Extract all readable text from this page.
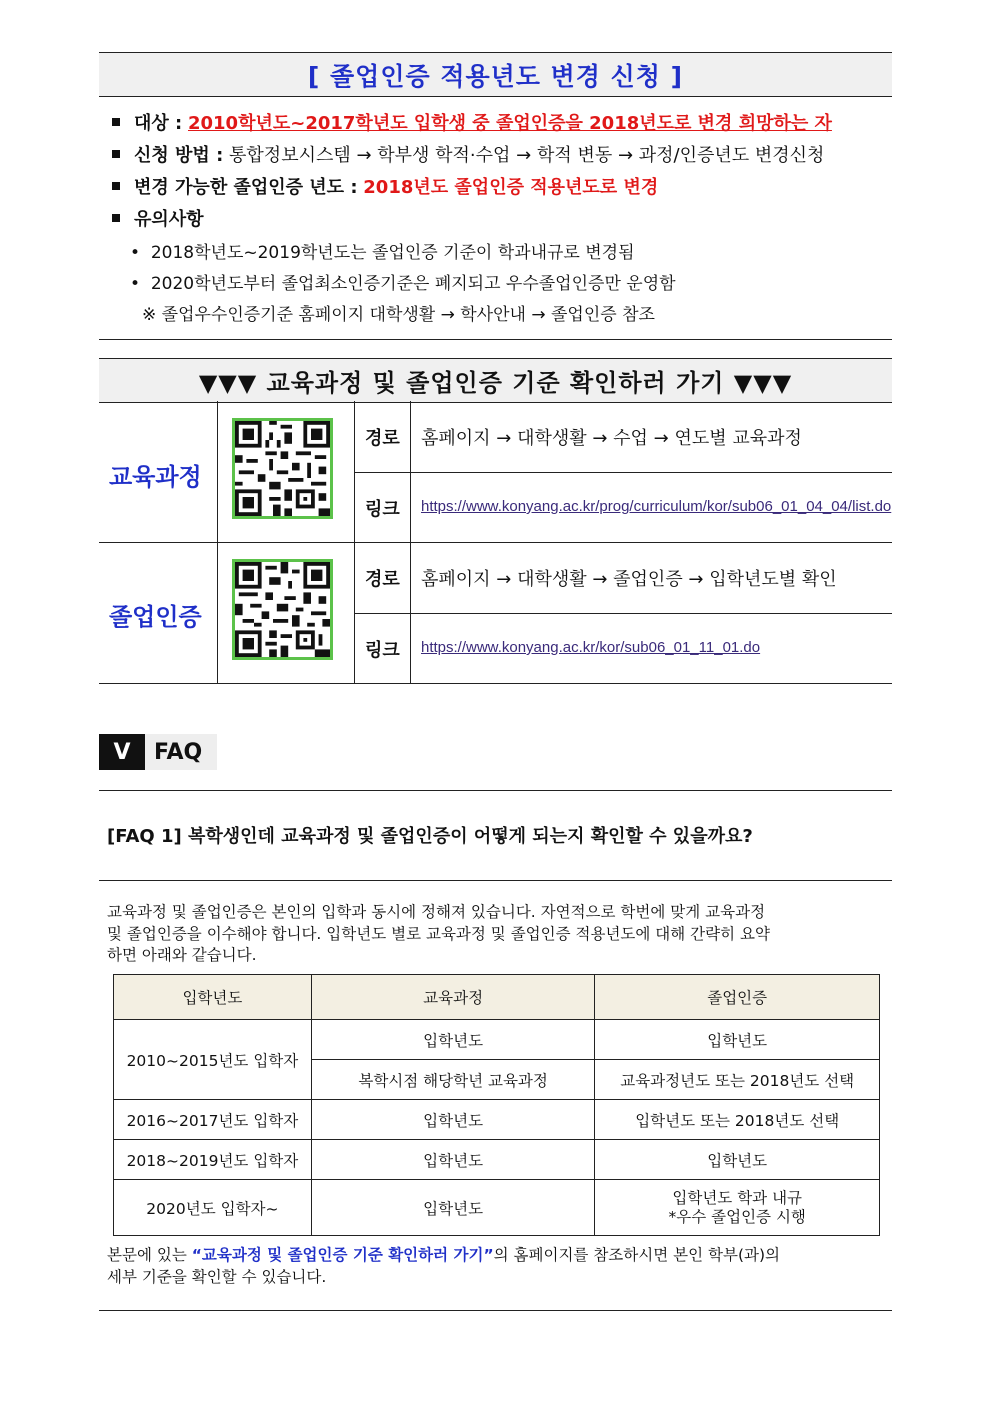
[ 졸업인증 적용년도 변경 신청 ]
대상 :
2010학년도~2017학년도 입학생 중 졸업인증을 2018년도로 변경 희망하는 자
신청 방법 :
통합정보시스템 → 학부생 학적·수업 → 학적 변동 → 과정/인증년도 변경신청
변경 가능한 졸업인증 년도 :
2018년도 졸업인증 적용년도로 변경
유의사항
•  2018학년도~2019학년도는 졸업인증 기준이 학과내규로 변경됨
•  2020학년도부터 졸업최소인증기준은 폐지되고 우수졸업인증만 운영함
※ 졸업우수인증기준 홈페이지 대학생활 → 학사안내 → 졸업인증 참조
▼▼▼ 교육과정 및 졸업인증 기준 확인하러 가기 ▼▼▼
교육과정
경로 홈페이지 → 대학생활 → 수업 → 연도별 교육과정
링크 https://www.konyang.ac.kr/prog/curriculum/kor/sub06_01_04_04/list.do
졸업인증
경로 홈페이지 → 대학생활 → 졸업인증 → 입학년도별 확인
링크 https://www.konyang.ac.kr/kor/sub06_01_11_01.do
V	FAQ
[FAQ 1] 복학생인데 교육과정 및 졸업인증이 어떻게 되는지 확인할 수 있을까요?
교육과정 및 졸업인증은 본인의 입학과 동시에 정해져 있습니다. 자연적으로 학번에 맞게 교육과정
및 졸업인증을 이수해야 합니다. 입학년도 별로 교육과정 및 졸업인증 적용년도에 대해 간략히 요약
하면 아래와 같습니다.
입학년도	교육과정	졸업인증
2010~2015년도 입학자	입학년도	입학년도
	복학시점 해당학년 교육과정	교육과정년도 또는 2018년도 선택
2016~2017년도 입학자	입학년도	입학년도 또는 2018년도 선택
2018~2019년도 입학자	입학년도	입학년도
2020년도 입학자~	입학년도	입학년도 학과 내규
*우수 졸업인증 시행
본문에 있는 “교육과정 및 졸업인증 기준 확인하러 가기”의 홈페이지를 참조하시면 본인 학부(과)의
세부 기준을 확인할 수 있습니다.
